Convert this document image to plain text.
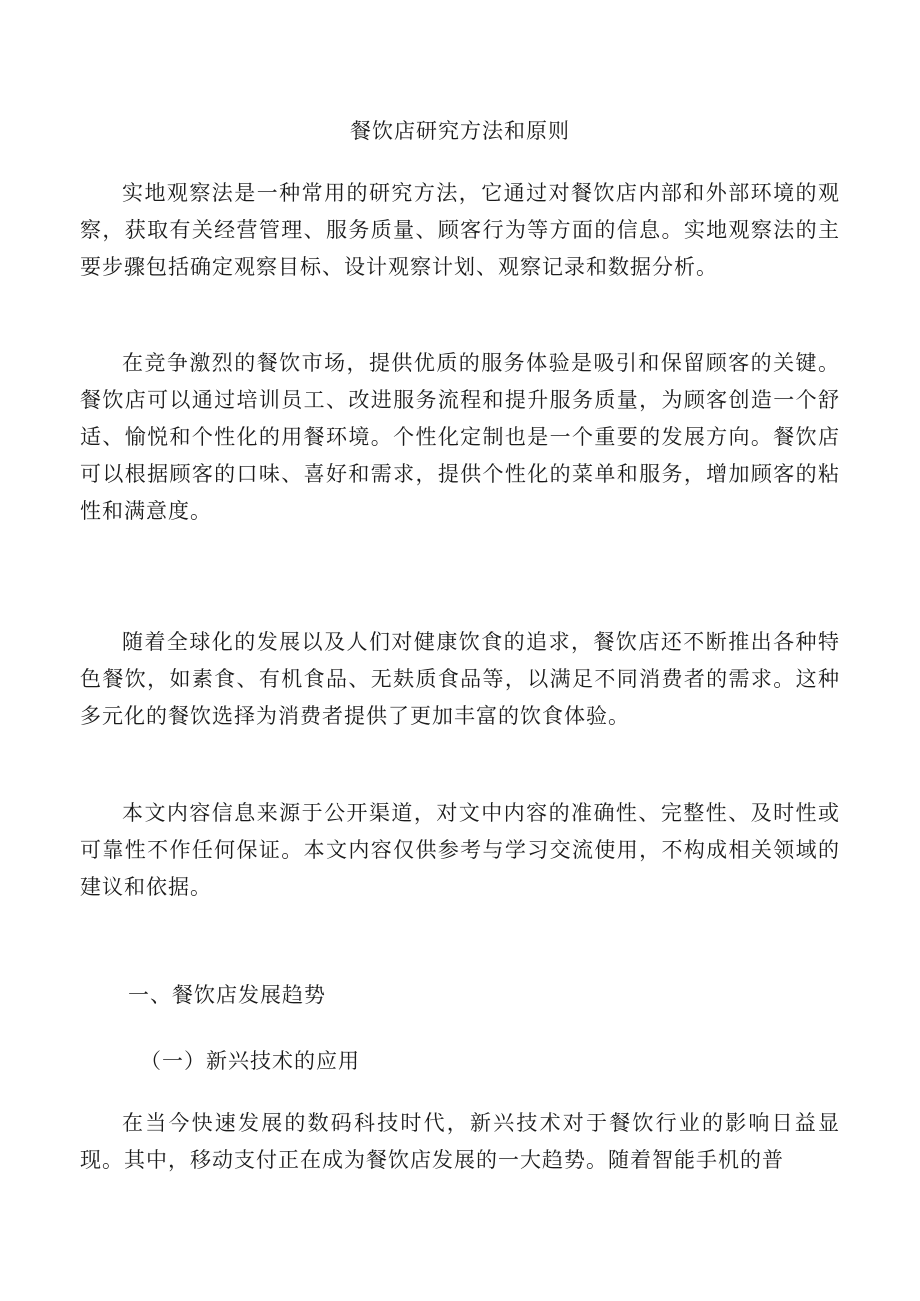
餐饮店研究方法和原则

实地观察法是一种常用的研究方法，它通过对餐饮店内部和外部环境的观察，获取有关经营管理、服务质量、顾客行为等方面的信息。实地观察法的主要步骤包括确定观察目标、设计观察计划、观察记录和数据分析。

在竞争激烈的餐饮市场，提供优质的服务体验是吸引和保留顾客的关键。餐饮店可以通过培训员工、改进服务流程和提升服务质量，为顾客创造一个舒适、愉悦和个性化的用餐环境。个性化定制也是一个重要的发展方向。餐饮店可以根据顾客的口味、喜好和需求，提供个性化的菜单和服务，增加顾客的粘性和满意度。

随着全球化的发展以及人们对健康饮食的追求，餐饮店还不断推出各种特色餐饮，如素食、有机食品、无麸质食品等，以满足不同消费者的需求。这种多元化的餐饮选择为消费者提供了更加丰富的饮食体验。

本文内容信息来源于公开渠道，对文中内容的准确性、完整性、及时性或可靠性不作任何保证。本文内容仅供参考与学习交流使用，不构成相关领域的建议和依据。

一、餐饮店发展趋势
（一）新兴技术的应用

在当今快速发展的数码科技时代，新兴技术对于餐饮行业的影响日益显现。其中，移动支付正在成为餐饮店发展的一大趋势。随着智能手机的普
